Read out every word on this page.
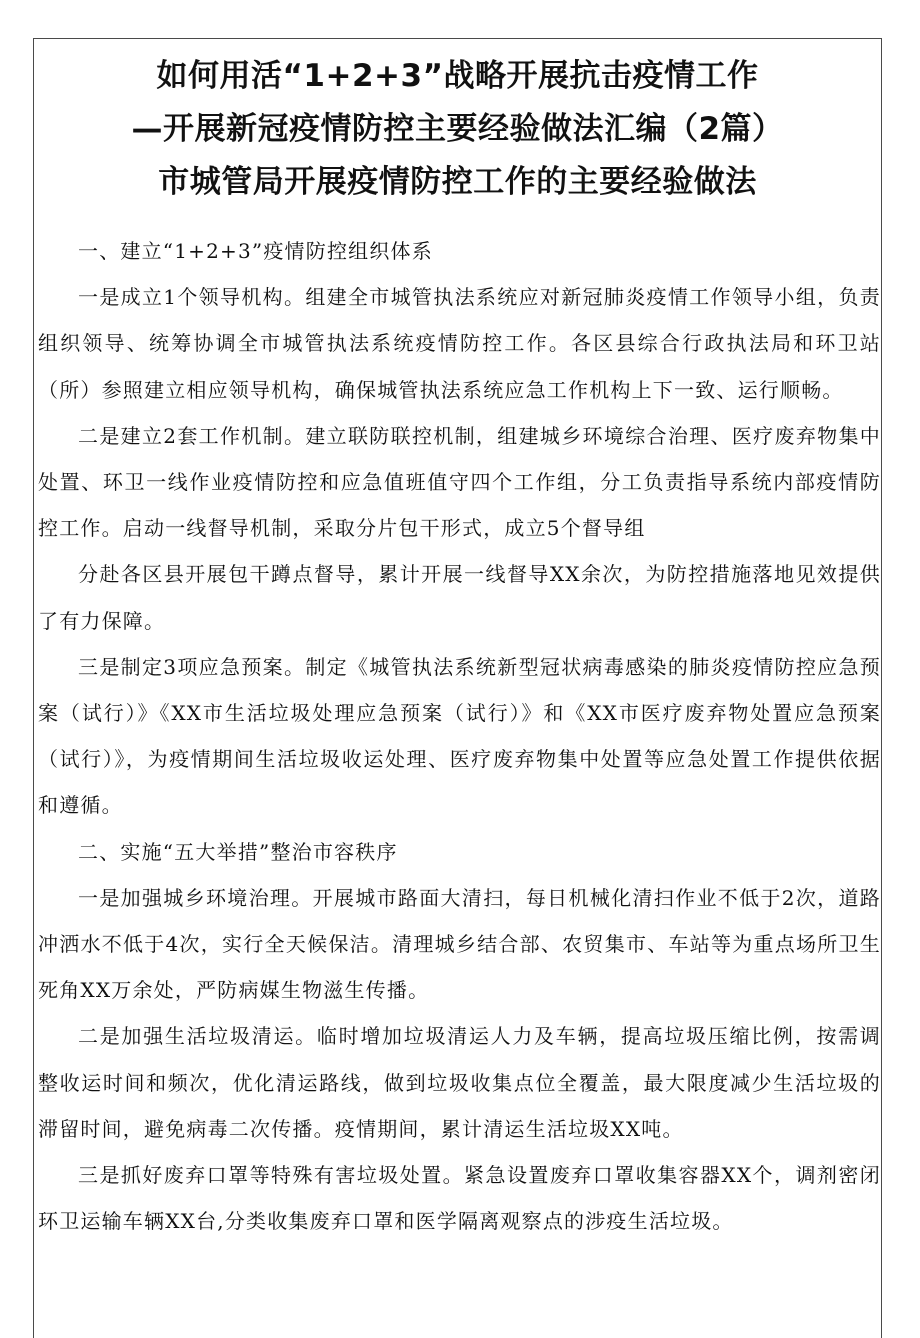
如何用活“1+2+3”战略开展抗击疫情工作
—开展新冠疫情防控主要经验做法汇编（2篇）
市城管局开展疫情防控工作的主要经验做法

一、建立“1+2+3”疫情防控组织体系

一是成立1个领导机构。组建全市城管执法系统应对新冠肺炎疫情工作领导小组，负责组织领导、统筹协调全市城管执法系统疫情防控工作。各区县综合行政执法局和环卫站（所）参照建立相应领导机构，确保城管执法系统应急工作机构上下一致、运行顺畅。

二是建立2套工作机制。建立联防联控机制，组建城乡环境综合治理、医疗废弃物集中处置、环卫一线作业疫情防控和应急值班值守四个工作组，分工负责指导系统内部疫情防控工作。启动一线督导机制，采取分片包干形式，成立5个督导组

分赴各区县开展包干蹲点督导，累计开展一线督导XX余次，为防控措施落地见效提供了有力保障。

三是制定3项应急预案。制定《城管执法系统新型冠状病毒感染的肺炎疫情防控应急预案（试行）》《XX市生活垃圾处理应急预案（试行）》和《XX市医疗废弃物处置应急预案（试行）》，为疫情期间生活垃圾收运处理、医疗废弃物集中处置等应急处置工作提供依据和遵循。

二、实施“五大举措”整治市容秩序

一是加强城乡环境治理。开展城市路面大清扫，每日机械化清扫作业不低于2次，道路冲洒水不低于4次，实行全天候保洁。清理城乡结合部、农贸集市、车站等为重点场所卫生死角XX万余处，严防病媒生物滋生传播。

二是加强生活垃圾清运。临时增加垃圾清运人力及车辆，提高垃圾压缩比例，按需调整收运时间和频次，优化清运路线，做到垃圾收集点位全覆盖，最大限度减少生活垃圾的滞留时间，避免病毒二次传播。疫情期间，累计清运生活垃圾XX吨。

三是抓好废弃口罩等特殊有害垃圾处置。紧急设置废弃口罩收集容器XX个，调剂密闭环卫运输车辆XX台,分类收集废弃口罩和医学隔离观察点的涉疫生活垃圾。
